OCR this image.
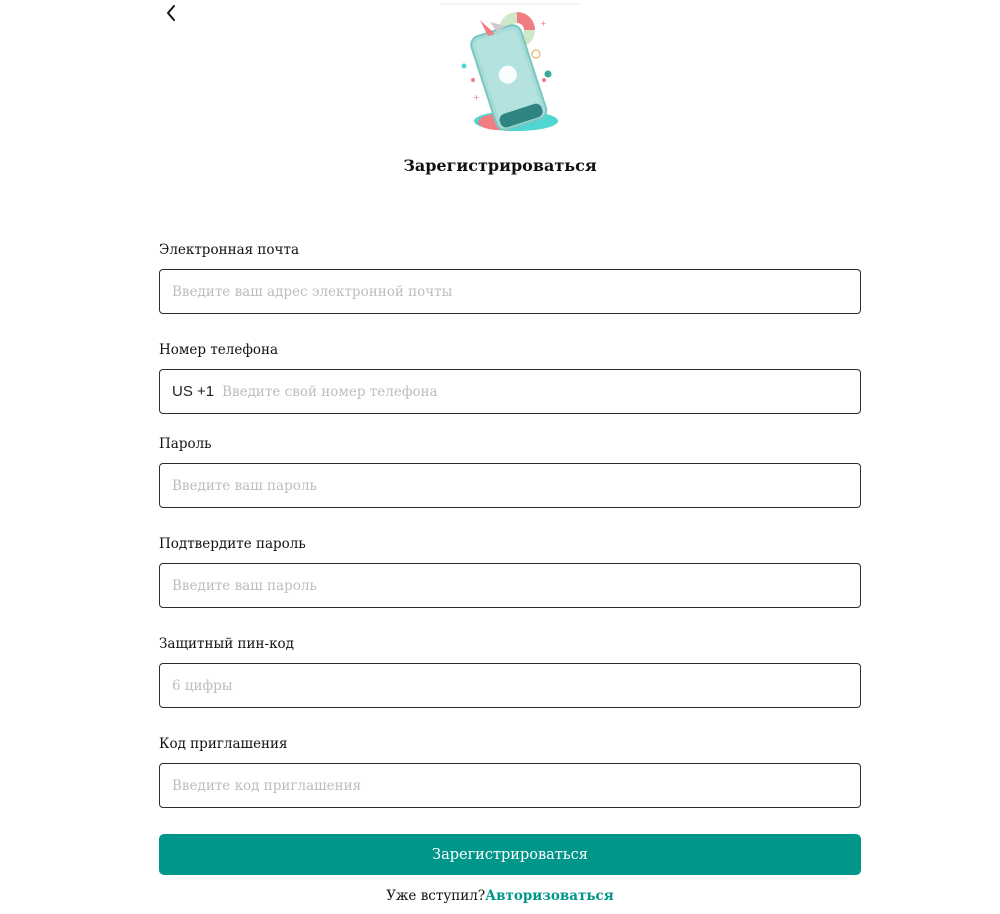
+
+
Зарегистрироваться
Электронная почта
Введите ваш адрес электронной почты
Номер телефона
US +1
Введите свой номер телефона
Пароль
Подтвердите пароль
Защитный пин-код
6 цифры
Код приглашения
Введите код приглашения
Зарегистрироваться
Уже вступил?Авторизоваться
